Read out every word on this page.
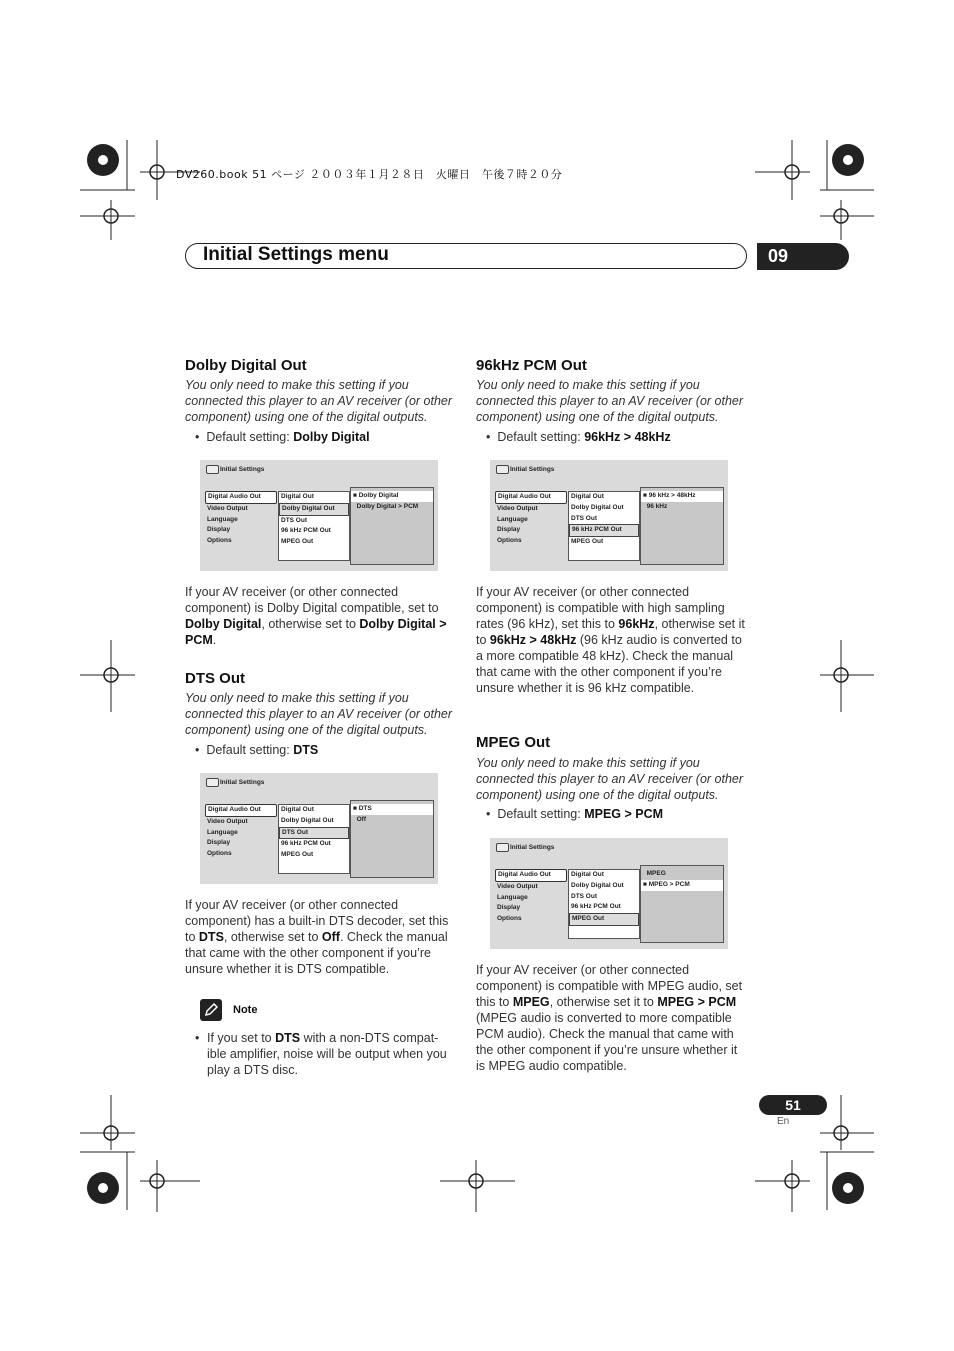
DV260.book 51 ページ ２００３年１月２８日　火曜日　午後７時２０分
Initial Settings menu	09
Dolby Digital Out
You only need to make this setting if you connected this player to an AV receiver (or other component) using one of the digital outputs.
•  Default setting: Dolby Digital
Initial Settings
Digital Audio Out
Video Output
Language
Display
Options
Digital Out
Dolby Digital Out
DTS Out
96 kHz PCM Out
MPEG Out
■ Dolby Digital
Dolby Digital > PCM
If your AV receiver (or other connected component) is Dolby Digital compatible, set to Dolby Digital, otherwise set to Dolby Digital > PCM.
DTS Out
You only need to make this setting if you connected this player to an AV receiver (or other component) using one of the digital outputs.
•  Default setting: DTS
Initial Settings
Digital Audio Out
Video Output
Language
Display
Options
Digital Out
Dolby Digital Out
DTS Out
96 kHz PCM Out
MPEG Out
■ DTS
Off
If your AV receiver (or other connected component) has a built-in DTS decoder, set this to DTS, otherwise set to Off. Check the manual that came with the other component if you’re unsure whether it is DTS compatible.
Note
• If you set to DTS with a non-DTS compat-ible amplifier, noise will be output when you play a DTS disc.
96kHz PCM Out
You only need to make this setting if you connected this player to an AV receiver (or other component) using one of the digital outputs.
•  Default setting: 96kHz > 48kHz
Initial Settings
Digital Audio Out
Video Output
Language
Display
Options
Digital Out
Dolby Digital Out
DTS Out
96 kHz PCM Out
MPEG Out
■ 96 kHz > 48kHz
96 kHz
If your AV receiver (or other connected component) is compatible with high sampling rates (96 kHz), set this to 96kHz, otherwise set it to 96kHz > 48kHz (96 kHz audio is converted to a more compatible 48 kHz). Check the manual that came with the other component if you’re unsure whether it is 96 kHz compatible.
MPEG Out
You only need to make this setting if you connected this player to an AV receiver (or other component) using one of the digital outputs.
•  Default setting: MPEG > PCM
Initial Settings
Digital Audio Out
Video Output
Language
Display
Options
Digital Out
Dolby Digital Out
DTS Out
96 kHz PCM Out
MPEG Out
MPEG
■ MPEG > PCM
If your AV receiver (or other connected component) is compatible with MPEG audio, set this to MPEG, otherwise set it to MPEG > PCM (MPEG audio is converted to more compatible PCM audio). Check the manual that came with the other component if you’re unsure whether it is MPEG audio compatible.
51
En
